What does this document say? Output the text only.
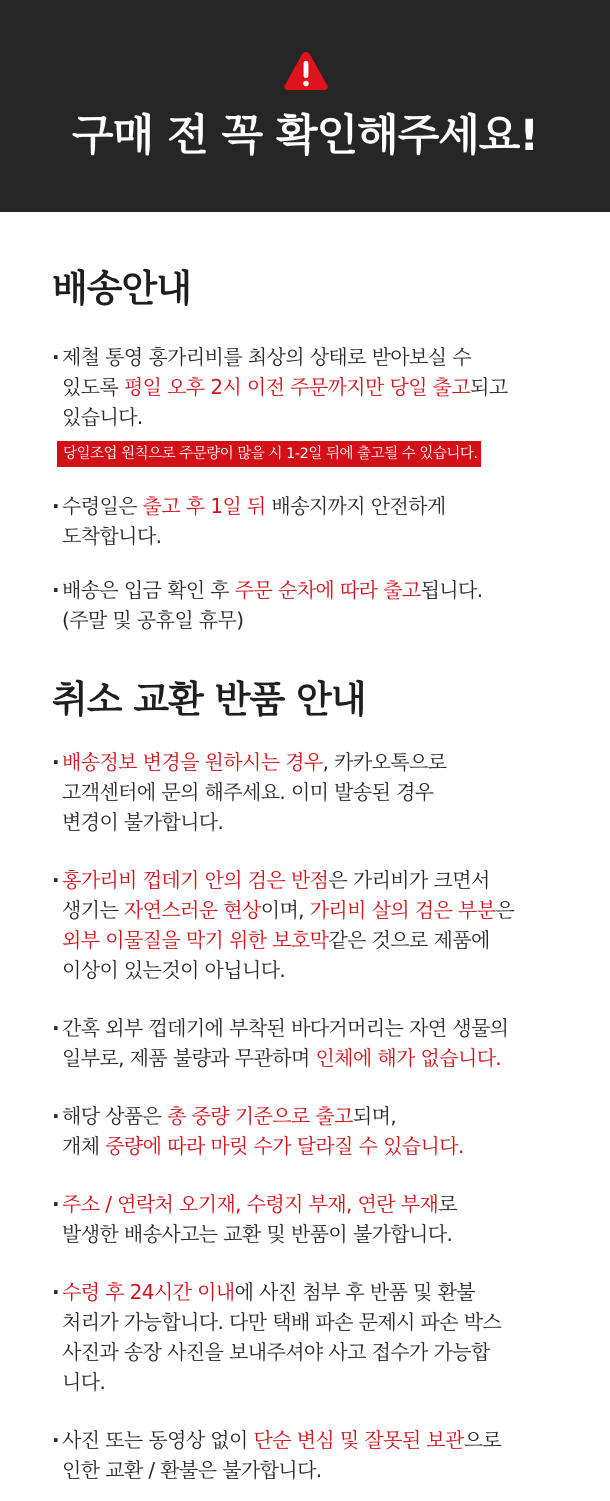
구매 전 꼭 확인해주세요!
배송안내
· 제철 통영 홍가리비를 최상의 상태로 받아보실 수
있도록 평일 오후 2시 이전 주문까지만 당일 출고되고
있습니다.
당일조업 원칙으로 주문량이 많을 시 1-2일 뒤에 출고될 수 있습니다.
· 수령일은 출고 후 1일 뒤 배송지까지 안전하게
도착합니다.
· 배송은 입금 확인 후 주문 순차에 따라 출고됩니다.
(주말 및 공휴일 휴무)
취소 교환 반품 안내
· 배송정보 변경을 원하시는 경우, 카카오톡으로
고객센터에 문의 해주세요. 이미 발송된 경우
변경이 불가합니다.
· 홍가리비 껍데기 안의 검은 반점은 가리비가 크면서
생기는 자연스러운 현상이며, 가리비 살의 검은 부분은
외부 이물질을 막기 위한 보호막같은 것으로 제품에
이상이 있는것이 아닙니다.
· 간혹 외부 껍데기에 부착된 바다거머리는 자연 생물의
일부로, 제품 불량과 무관하며 인체에 해가 없습니다.
· 해당 상품은 총 중량 기준으로 출고되며,
개체 중량에 따라 마릿 수가 달라질 수 있습니다.
· 주소 / 연락처 오기재, 수령지 부재, 연란 부재로
발생한 배송사고는 교환 및 반품이 불가합니다.
· 수령 후 24시간 이내에 사진 첨부 후 반품 및 환불
처리가 가능합니다. 다만 택배 파손 문제시 파손 박스
사진과 송장 사진을 보내주셔야 사고 접수가 가능합
니다.
· 사진 또는 동영상 없이 단순 변심 및 잘못된 보관으로
인한 교환 / 환불은 불가합니다.
